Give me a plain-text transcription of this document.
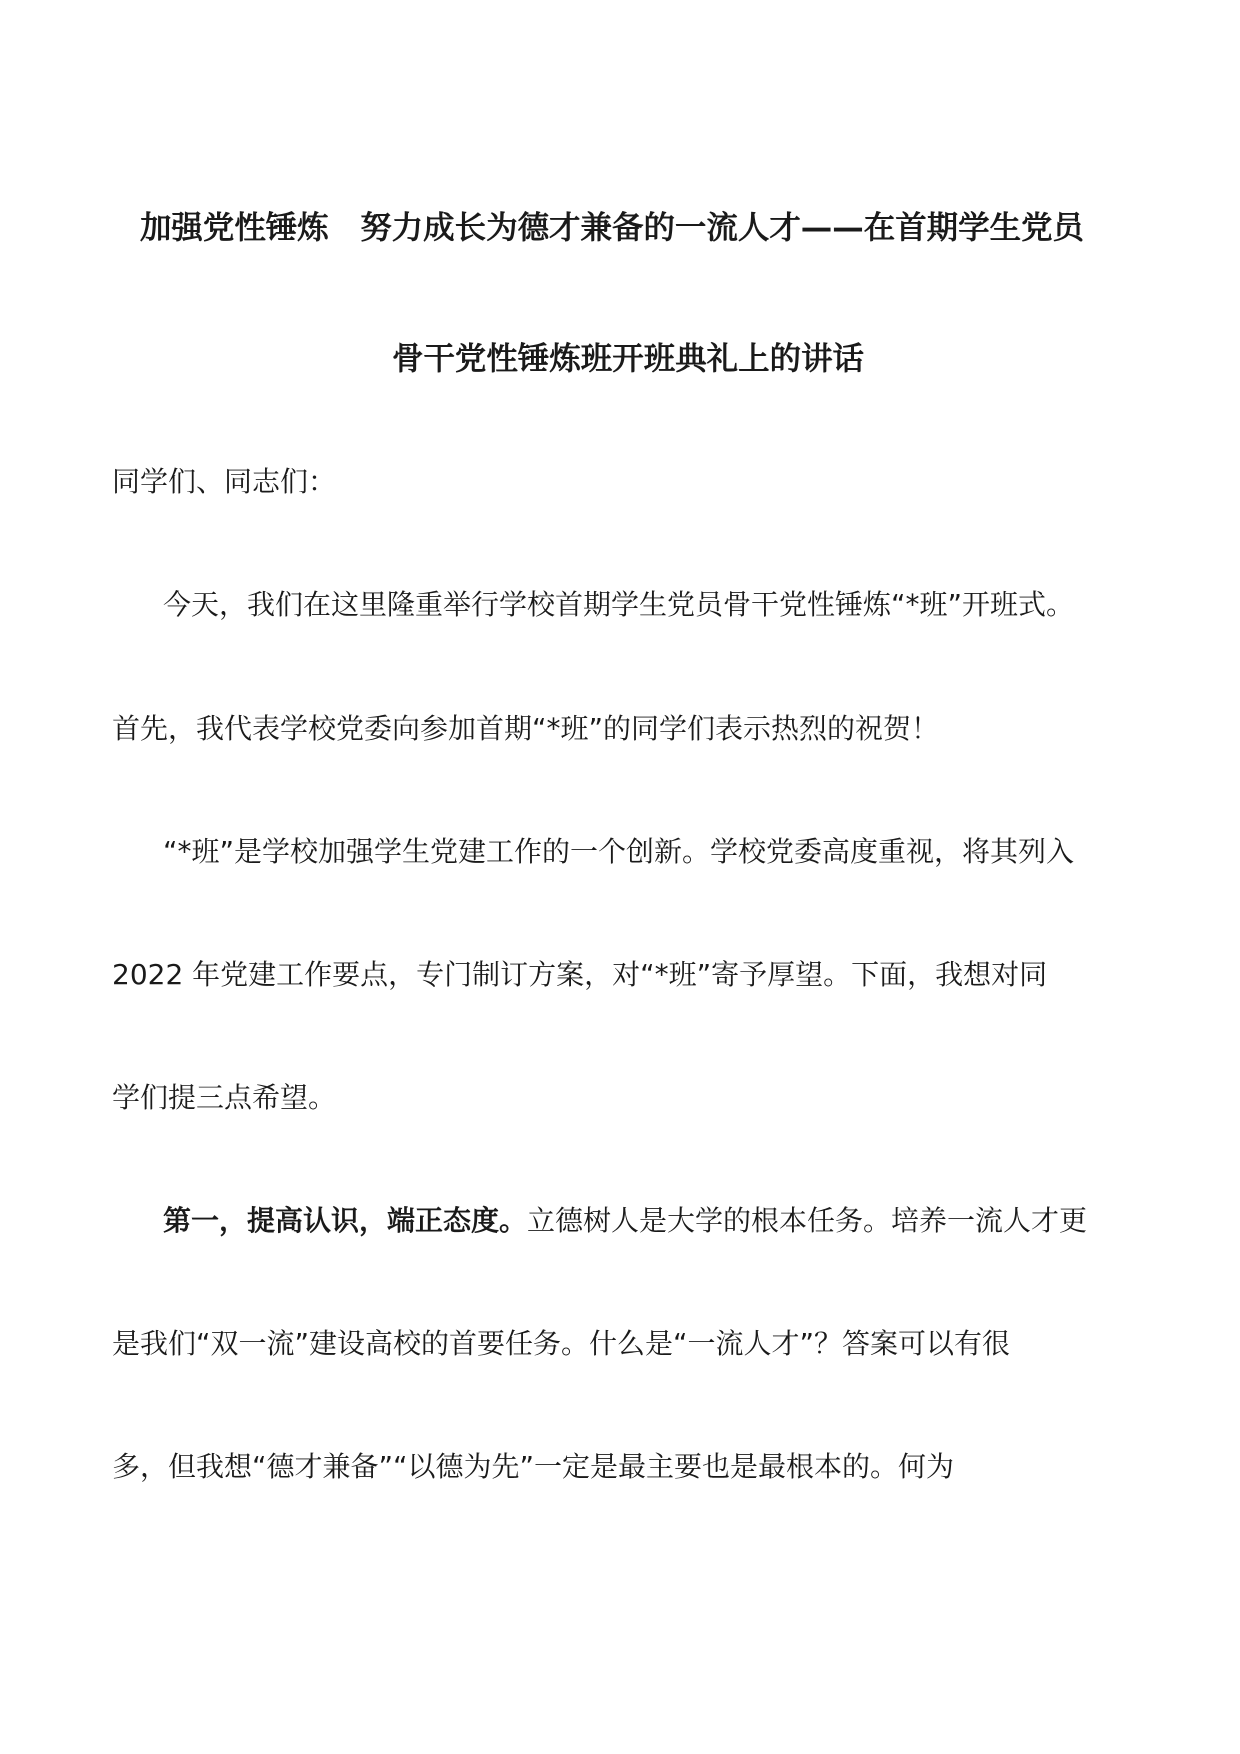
加强党性锤炼　努力成长为德才兼备的一流人才——在首期学生党员
骨干党性锤炼班开班典礼上的讲话
同学们、同志们：
今天，我们在这里隆重举行学校首期学生党员骨干党性锤炼“*班”开班式。
首先，我代表学校党委向参加首期“*班”的同学们表示热烈的祝贺！
“*班”是学校加强学生党建工作的一个创新。学校党委高度重视，将其列入
2022 年党建工作要点，专门制订方案，对“*班”寄予厚望。下面，我想对同
学们提三点希望。
第一，提高认识，端正态度。立德树人是大学的根本任务。培养一流人才更
是我们“双一流”建设高校的首要任务。什么是“一流人才”？答案可以有很
多，但我想“德才兼备”“以德为先”一定是最主要也是最根本的。何为
